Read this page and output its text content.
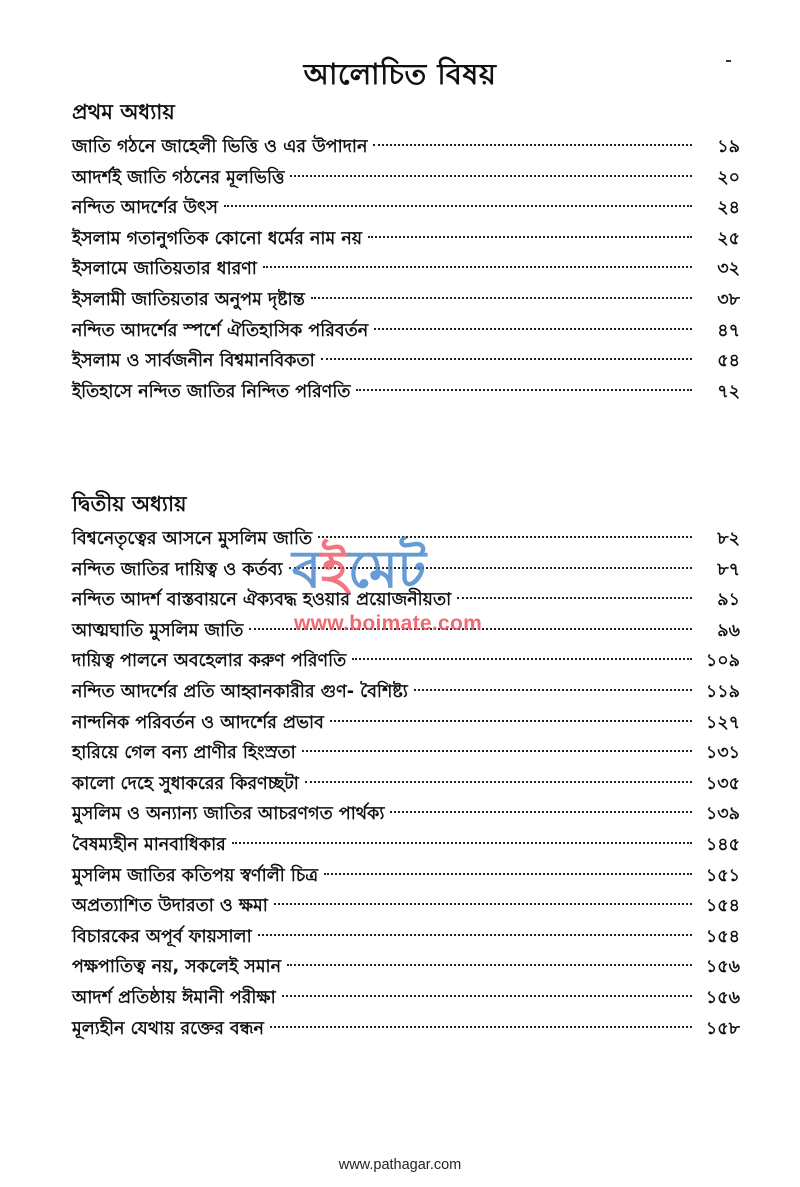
আলোচিত বিষয়
প্রথম অধ্যায়
জাতি গঠনে জাহেলী ভিত্তি ও এর উপাদান	১৯
আদর্শই জাতি গঠনের মূলভিত্তি	২০
নন্দিত আদর্শের উৎস	২৪
ইসলাম গতানুগতিক কোনো ধর্মের নাম নয়	২৫
ইসলামে জাতিয়তার ধারণা	৩২
ইসলামী জাতিয়তার অনুপম দৃষ্টান্ত	৩৮
নন্দিত আদর্শের স্পর্শে ঐতিহাসিক পরিবর্তন	৪৭
ইসলাম ও সার্বজনীন বিশ্বমানবিকতা	৫৪
ইতিহাসে নন্দিত জাতির নিন্দিত পরিণতি	৭২
দ্বিতীয় অধ্যায়
বিশ্বনেতৃত্বের আসনে মুসলিম জাতি	৮২
নন্দিত জাতির দায়িত্ব ও কর্তব্য	৮৭
নন্দিত আদর্শ বাস্তবায়নে ঐক্যবদ্ধ হওয়ার প্রয়োজনীয়তা	৯১
আত্মঘাতি মুসলিম জাতি	৯৬
দায়িত্ব পালনে অবহেলার করুণ পরিণতি	১০৯
নন্দিত আদর্শের প্রতি আহ্বানকারীর গুণ- বৈশিষ্ট্য	১১৯
নান্দনিক পরিবর্তন ও আদর্শের প্রভাব	১২৭
হারিয়ে গেল বন্য প্রাণীর হিংস্রতা	১৩১
কালো দেহে সুধাকরের কিরণচ্ছটা	১৩৫
মুসলিম ও অন্যান্য জাতির আচরণগত পার্থক্য	১৩৯
বৈষম্যহীন মানবাধিকার	১৪৫
মুসলিম জাতির কতিপয় স্বর্ণালী চিত্র	১৫১
অপ্রত্যাশিত উদারতা ও ক্ষমা	১৫৪
বিচারকের অপূর্ব ফায়সালা	১৫৪
পক্ষপাতিত্ব নয়, সকলেই সমান	১৫৬
আদর্শ প্রতিষ্ঠায় ঈমানী পরীক্ষা	১৫৬
মূল্যহীন যেথায় রক্তের বন্ধন	১৫৮
বইমেট
www.boimate.com
www.pathagar.com
